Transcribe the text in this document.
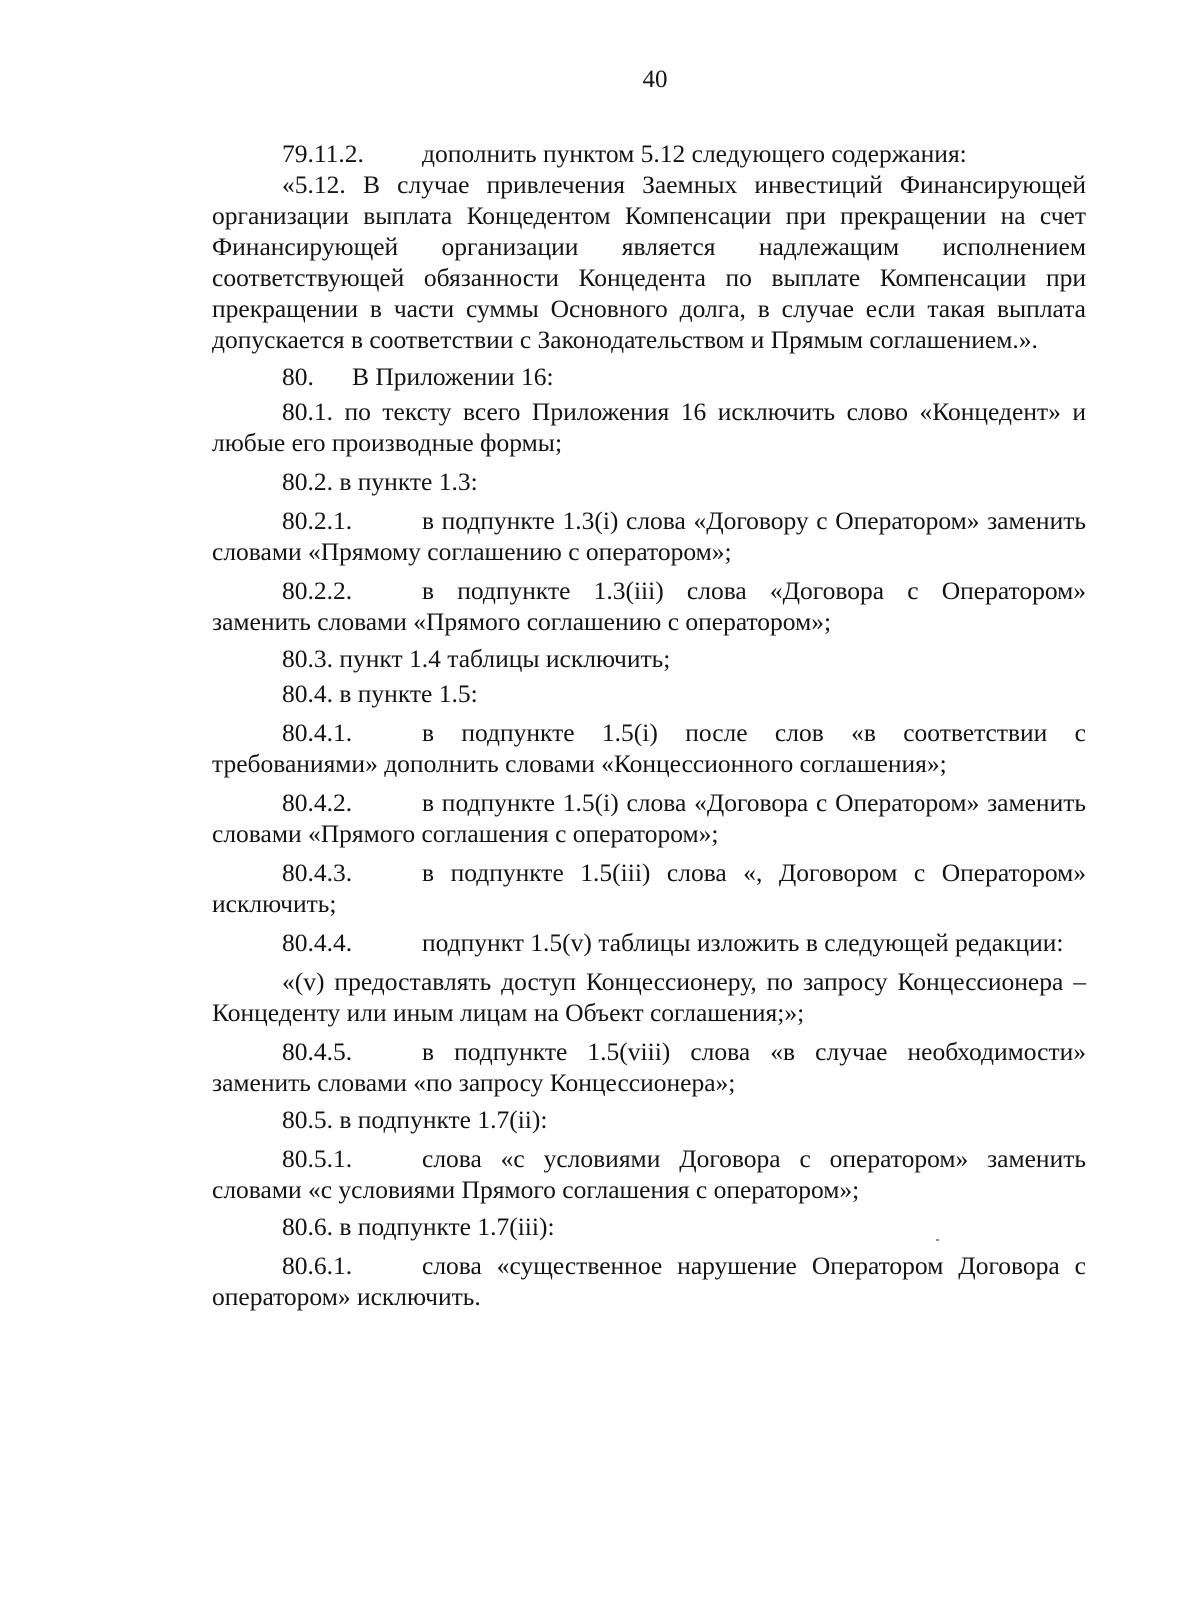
40

79.11.2. дополнить пунктом 5.12 следующего содержания:

«5.12. В случае привлечения Заемных инвестиций Финансирующей организации выплата Концедентом Компенсации при прекращении на счет Финансирующей организации является надлежащим исполнением соответствующей обязанности Концедента по выплате Компенсации при прекращении в части суммы Основного долга, в случае если такая выплата допускается в соответствии с Законодательством и Прямым соглашением.».

80. В Приложении 16:

80.1. по тексту всего Приложения 16 исключить слово «Концедент» и любые его производные формы;

80.2. в пункте 1.3:

80.2.1.	в подпункте 1.3(i) слова «Договору с Оператором» заменить словами «Прямому соглашению с оператором»;

80.2.2.	в подпункте 1.3(iii) слова «Договора с Оператором» заменить словами «Прямого соглашению с оператором»;

80.3. пункт 1.4 таблицы исключить;

80.4. в пункте 1.5:

80.4.1.	в подпункте 1.5(i) после слов «в соответствии с требованиями» дополнить словами «Концессионного соглашения»;

80.4.2.	в подпункте 1.5(i) слова «Договора с Оператором» заменить словами «Прямого соглашения с оператором»;

80.4.3.	в подпункте 1.5(iii) слова «, Договором с Оператором» исключить;

80.4.4.	подпункт 1.5(v) таблицы изложить в следующей редакции:

«(v) предоставлять доступ Концессионеру, по запросу Концессионера – Концеденту или иным лицам на Объект соглашения;»;

80.4.5.	в подпункте 1.5(viii) слова «в случае необходимости» заменить словами «по запросу Концессионера»;

80.5. в подпункте 1.7(ii):

80.5.1.	слова «с условиями Договора с оператором» заменить словами «с условиями Прямого соглашения с оператором»;

80.6. в подпункте 1.7(iii):

80.6.1.	слова «существенное нарушение Оператором Договора с оператором» исключить.
